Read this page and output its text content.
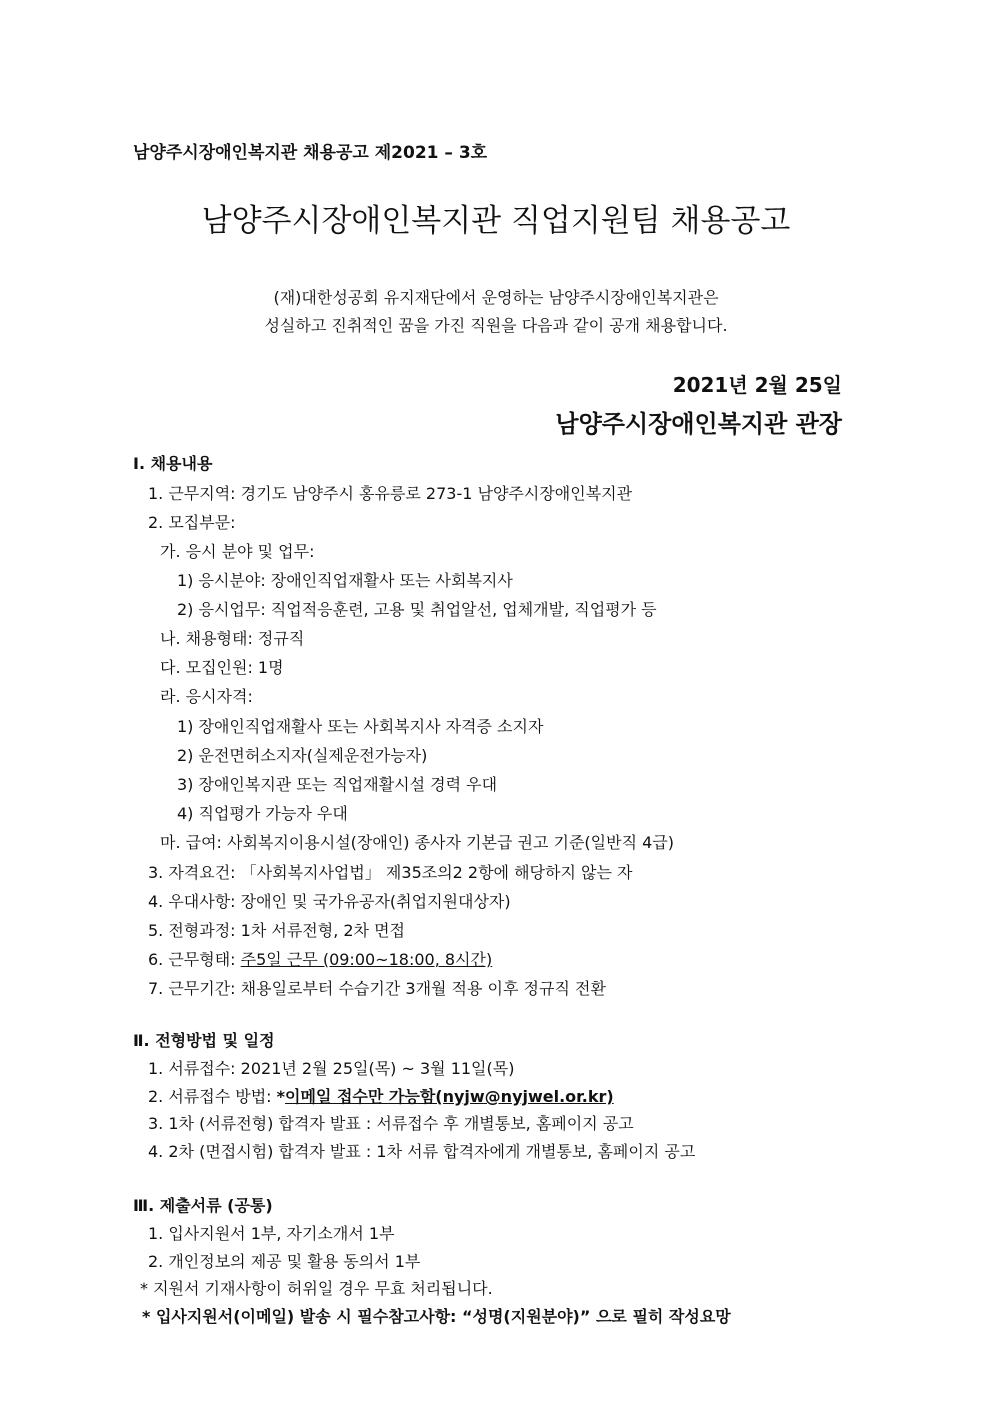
남양주시장애인복지관 채용공고 제2021 – 3호
남양주시장애인복지관 직업지원팀 채용공고
(재)대한성공회 유지재단에서 운영하는 남양주시장애인복지관은
성실하고 진취적인 꿈을 가진 직원을 다음과 같이 공개 채용합니다.
2021년 2월 25일
남양주시장애인복지관 관장
Ⅰ. 채용내용
1. 근무지역: 경기도 남양주시 홍유릉로 273-1 남양주시장애인복지관
2. 모집부문:
가. 응시 분야 및 업무:
1) 응시분야: 장애인직업재활사 또는 사회복지사
2) 응시업무: 직업적응훈련, 고용 및 취업알선, 업체개발, 직업평가 등
나. 채용형태: 정규직
다. 모집인원: 1명
라. 응시자격:
1) 장애인직업재활사 또는 사회복지사 자격증 소지자
2) 운전면허소지자(실제운전가능자)
3) 장애인복지관 또는 직업재활시설 경력 우대
4) 직업평가 가능자 우대
마. 급여: 사회복지이용시설(장애인) 종사자 기본급 권고 기준(일반직 4급)
3. 자격요건: 「사회복지사업법」 제35조의2 2항에 해당하지 않는 자
4. 우대사항: 장애인 및 국가유공자(취업지원대상자)
5. 전형과정: 1차 서류전형, 2차 면접
6. 근무형태: 주5일 근무 (09:00~18:00, 8시간)
7. 근무기간: 채용일로부터 수습기간 3개월 적용 이후 정규직 전환
Ⅱ. 전형방법 및 일정
1. 서류접수: 2021년 2월 25일(목) ~ 3월 11일(목)
2. 서류접수 방법: *이메일 접수만 가능함(nyjw@nyjwel.or.kr)
3. 1차 (서류전형) 합격자 발표 : 서류접수 후 개별통보, 홈페이지 공고
4. 2차 (면접시험) 합격자 발표 : 1차 서류 합격자에게 개별통보, 홈페이지 공고
Ⅲ. 제출서류 (공통)
1. 입사지원서 1부, 자기소개서 1부
2. 개인정보의 제공 및 활용 동의서 1부
* 지원서 기재사항이 허위일 경우 무효 처리됩니다.
* 입사지원서(이메일) 발송 시 필수참고사항: “성명(지원분야)” 으로 필히 작성요망
